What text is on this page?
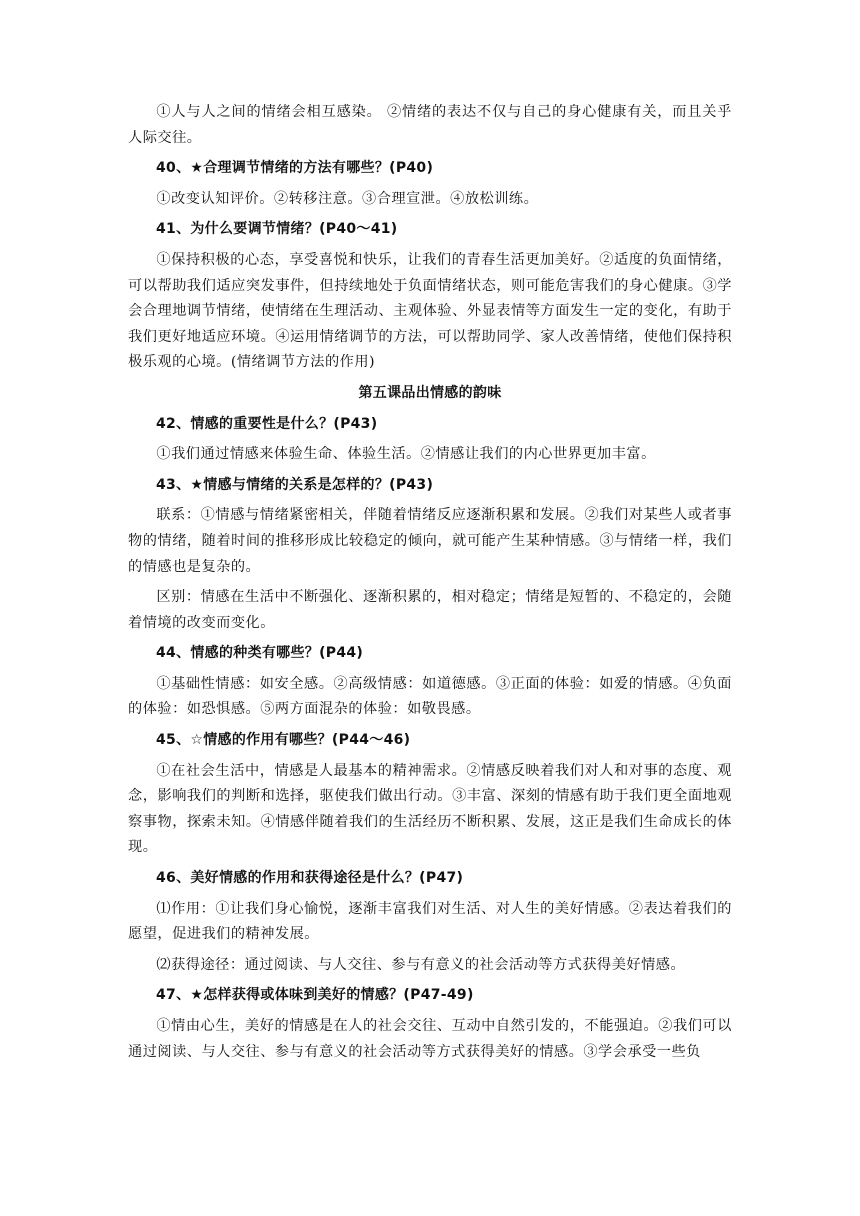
①人与人之间的情绪会相互感染。 ②情绪的表达不仅与自己的身心健康有关，而且关乎人际交往。

40、★合理调节情绪的方法有哪些？(P40)

①改变认知评价。②转移注意。③合理宣泄。④放松训练。

41、为什么要调节情绪？(P40～41)

①保持积极的心态，享受喜悦和快乐，让我们的青春生活更加美好。②适度的负面情绪，可以帮助我们适应突发事件，但持续地处于负面情绪状态，则可能危害我们的身心健康。③学会合理地调节情绪，使情绪在生理活动、主观体验、外显表情等方面发生一定的变化，有助于我们更好地适应环境。④运用情绪调节的方法，可以帮助同学、家人改善情绪，使他们保持积极乐观的心境。(情绪调节方法的作用)

第五课品出情感的韵味

42、情感的重要性是什么？(P43)

①我们通过情感来体验生命、体验生活。②情感让我们的内心世界更加丰富。

43、★情感与情绪的关系是怎样的？(P43)

联系：①情感与情绪紧密相关，伴随着情绪反应逐渐积累和发展。②我们对某些人或者事物的情绪，随着时间的推移形成比较稳定的倾向，就可能产生某种情感。③与情绪一样，我们的情感也是复杂的。

区别：情感在生活中不断强化、逐渐积累的，相对稳定；情绪是短暂的、不稳定的，会随着情境的改变而变化。

44、情感的种类有哪些？(P44)

①基础性情感：如安全感。②高级情感：如道德感。③正面的体验：如爱的情感。④负面的体验：如恐惧感。⑤两方面混杂的体验：如敬畏感。

45、☆情感的作用有哪些？(P44～46)

①在社会生活中，情感是人最基本的精神需求。②情感反映着我们对人和对事的态度、观念，影响我们的判断和选择，驱使我们做出行动。③丰富、深刻的情感有助于我们更全面地观察事物，探索未知。④情感伴随着我们的生活经历不断积累、发展，这正是我们生命成长的体现。

46、美好情感的作用和获得途径是什么？(P47)

⑴作用：①让我们身心愉悦，逐渐丰富我们对生活、对人生的美好情感。②表达着我们的愿望，促进我们的精神发展。

⑵获得途径：通过阅读、与人交往、参与有意义的社会活动等方式获得美好情感。

47、★怎样获得或体味到美好的情感？(P47-49)

①情由心生，美好的情感是在人的社会交往、互动中自然引发的，不能强迫。②我们可以通过阅读、与人交往、参与有意义的社会活动等方式获得美好的情感。③学会承受一些负
